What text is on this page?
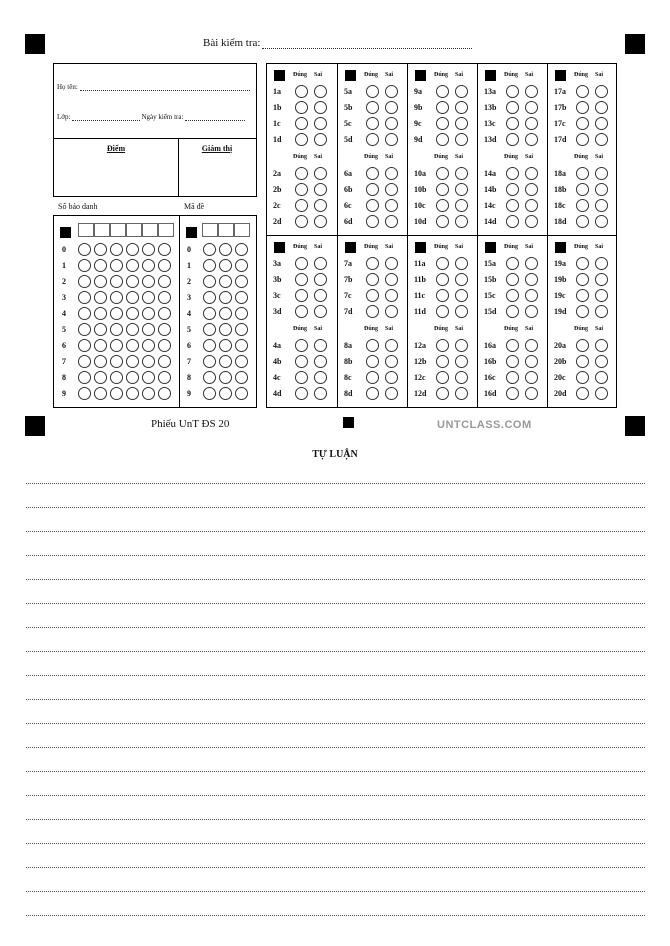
Bài kiểm tra:
Họ tên:
Lớp:	Ngày kiểm tra:
Điểm	Giám thị
Số báo danh	Mã đề
0
1
2
3
4
5
6
7
8
9
0
1
2
3
4
5
6
7
8
9
Đúng	Sai
1a
1b
1c
1d
Đúng	Sai
2a
2b
2c
2d
Đúng	Sai
5a
5b
5c
5d
Đúng	Sai
6a
6b
6c
6d
Đúng	Sai
9a
9b
9c
9d
Đúng	Sai
10a
10b
10c
10d
Đúng	Sai
13a
13b
13c
13d
Đúng	Sai
14a
14b
14c
14d
Đúng	Sai
17a
17b
17c
17d
Đúng	Sai
18a
18b
18c
18d
Đúng	Sai
3a
3b
3c
3d
Đúng	Sai
4a
4b
4c
4d
Đúng	Sai
7a
7b
7c
7d
Đúng	Sai
8a
8b
8c
8d
Đúng	Sai
11a
11b
11c
11d
Đúng	Sai
12a
12b
12c
12d
Đúng	Sai
15a
15b
15c
15d
Đúng	Sai
16a
16b
16c
16d
Đúng	Sai
19a
19b
19c
19d
Đúng	Sai
20a
20b
20c
20d
Phiếu UnT ĐS 20	UNTCLASS.COM
TỰ LUẬN
